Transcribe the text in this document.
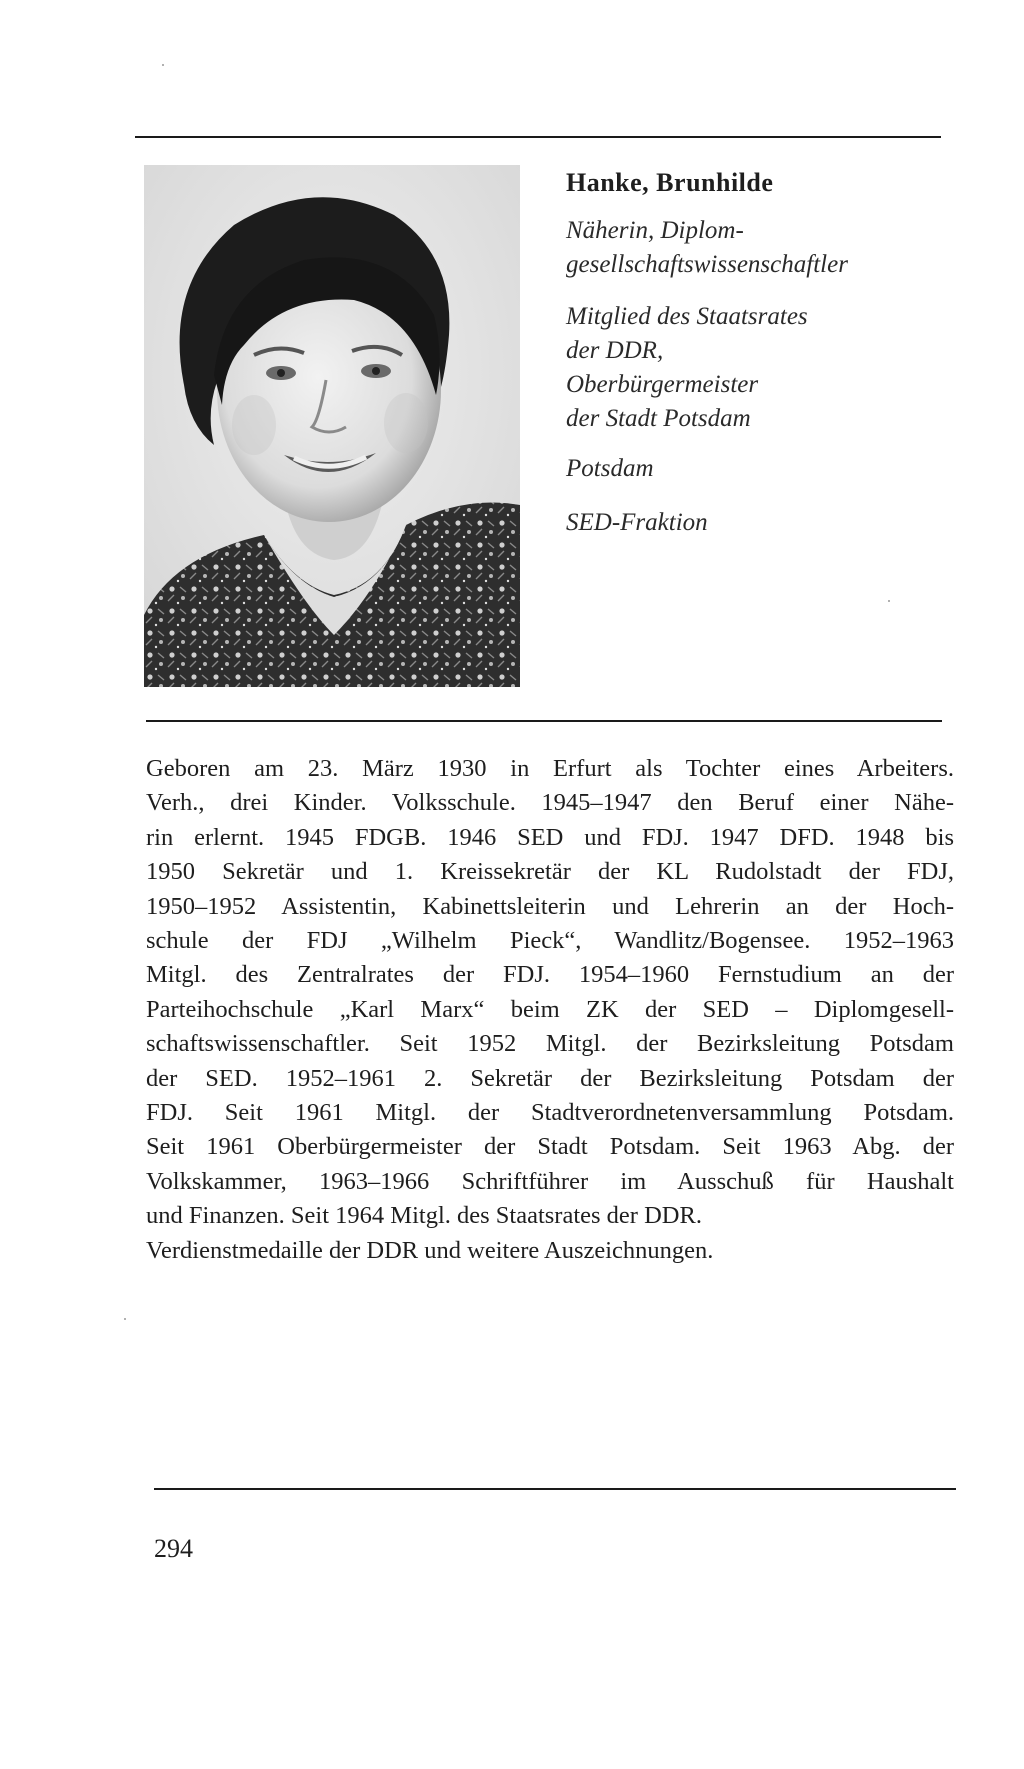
Hanke, Brunhilde
Näherin, Diplom-
gesellschaftswissenschaftler
Mitglied des Staatsrates
der DDR,
Oberbürgermeister
der Stadt Potsdam

Potsdam

SED-Fraktion

Geboren am 23. März 1930 in Erfurt als Tochter eines Arbeiters.
Verh., drei Kinder. Volksschule. 1945–1947 den Beruf einer Nähe-
rin erlernt. 1945 FDGB. 1946 SED und FDJ. 1947 DFD. 1948 bis
1950 Sekretär und 1. Kreissekretär der KL Rudolstadt der FDJ,
1950–1952 Assistentin, Kabinettsleiterin und Lehrerin an der Hoch-
schule der FDJ „Wilhelm Pieck“, Wandlitz/Bogensee. 1952–1963
Mitgl. des Zentralrates der FDJ. 1954–1960 Fernstudium an der
Parteihochschule „Karl Marx“ beim ZK der SED – Diplomgesell-
schaftswissenschaftler. Seit 1952 Mitgl. der Bezirksleitung Potsdam
der SED. 1952–1961 2. Sekretär der Bezirksleitung Potsdam der
FDJ. Seit 1961 Mitgl. der Stadtverordnetenversammlung Potsdam.
Seit 1961 Oberbürgermeister der Stadt Potsdam. Seit 1963 Abg. der
Volkskammer, 1963–1966 Schriftführer im Ausschuß für Haushalt
und Finanzen. Seit 1964 Mitgl. des Staatsrates der DDR.
Verdienstmedaille der DDR und weitere Auszeichnungen.

294
